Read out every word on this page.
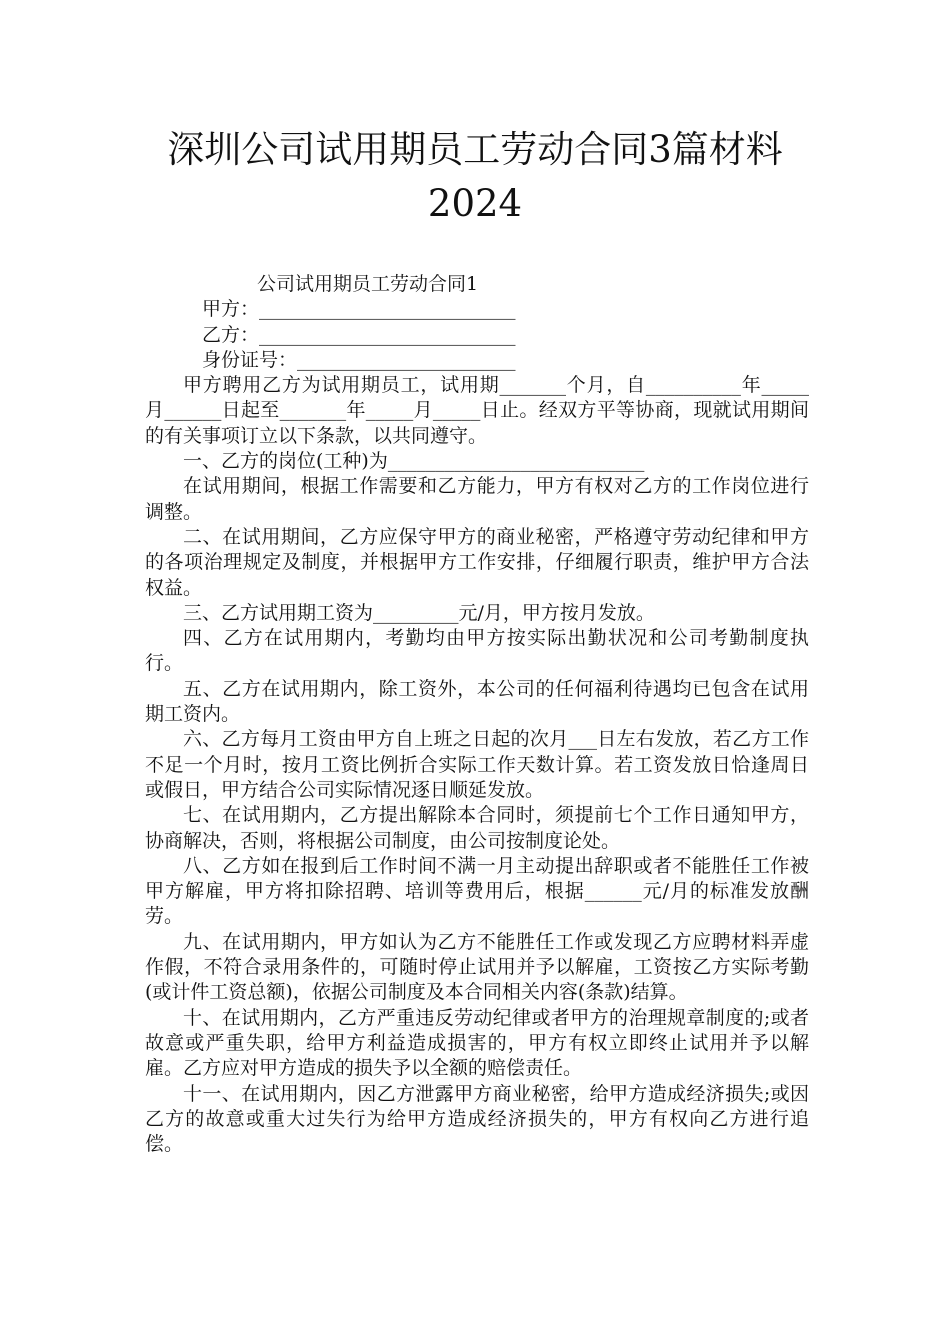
深圳公司试用期员工劳动合同3篇材料
2024

公司试用期员工劳动合同1

甲方：___________________________

乙方：___________________________

身份证号：_______________________

甲方聘用乙方为试用期员工，试用期_______个月，自__________年_____月______日起至_______年_____月_____日止。经双方平等协商，现就试用期间的有关事项订立以下条款，以共同遵守。

一、乙方的岗位(工种)为___________________________

在试用期间，根据工作需要和乙方能力，甲方有权对乙方的工作岗位进行调整。

二、在试用期间，乙方应保守甲方的商业秘密，严格遵守劳动纪律和甲方的各项治理规定及制度，并根据甲方工作安排，仔细履行职责，维护甲方合法权益。

三、乙方试用期工资为_________元/月，甲方按月发放。

四、乙方在试用期内，考勤均由甲方按实际出勤状况和公司考勤制度执行。

五、乙方在试用期内，除工资外，本公司的任何福利待遇均已包含在试用期工资内。

六、乙方每月工资由甲方自上班之日起的次月___日左右发放，若乙方工作不足一个月时，按月工资比例折合实际工作天数计算。若工资发放日恰逢周日或假日，甲方结合公司实际情况逐日顺延发放。

七、在试用期内，乙方提出解除本合同时，须提前七个工作日通知甲方，协商解决，否则，将根据公司制度，由公司按制度论处。

八、乙方如在报到后工作时间不满一月主动提出辞职或者不能胜任工作被甲方解雇，甲方将扣除招聘、培训等费用后，根据______元/月的标准发放酬劳。

九、在试用期内，甲方如认为乙方不能胜任工作或发现乙方应聘材料弄虚作假，不符合录用条件的，可随时停止试用并予以解雇，工资按乙方实际考勤(或计件工资总额)，依据公司制度及本合同相关内容(条款)结算。

十、在试用期内，乙方严重违反劳动纪律或者甲方的治理规章制度的;或者故意或严重失职，给甲方利益造成损害的，甲方有权立即终止试用并予以解雇。乙方应对甲方造成的损失予以全额的赔偿责任。

十一、在试用期内，因乙方泄露甲方商业秘密，给甲方造成经济损失;或因乙方的故意或重大过失行为给甲方造成经济损失的，甲方有权向乙方进行追偿。
